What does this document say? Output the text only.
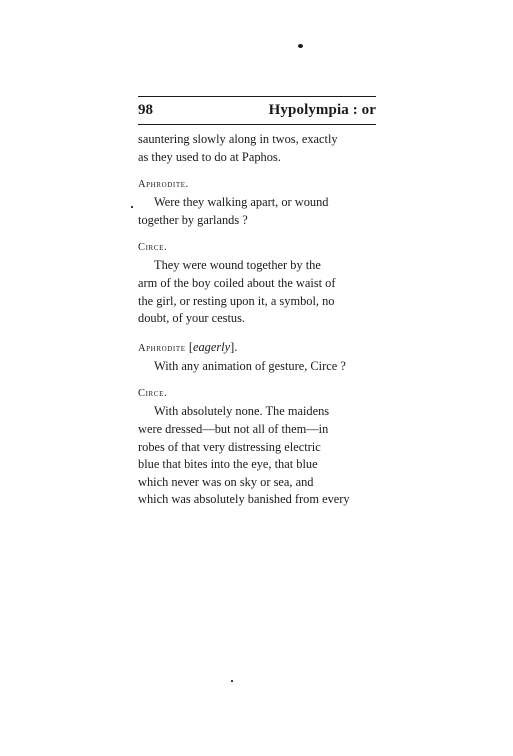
98	Hypolympia : or

sauntering slowly along in twos, exactly

as they used to do at Paphos.

Aphrodite.

Were they walking apart, or wound

together by garlands ?

Circe.

They were wound together by the

arm of the boy coiled about the waist of

the girl, or resting upon it, a symbol, no

doubt, of your cestus.

Aphrodite [eagerly].

With any animation of gesture, Circe ?

Circe.

With absolutely none. The maidens

were dressed—but not all of them—in

robes of that very distressing electric

blue that bites into the eye, that blue

which never was on sky or sea, and

which was absolutely banished from every
